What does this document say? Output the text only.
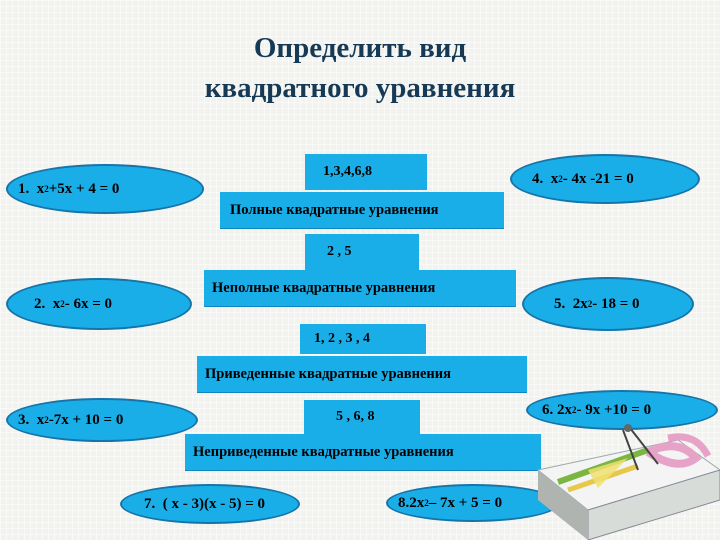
Определить вид
квадратного уравнения
1.
x 2 +5x + 4 = 0
4.
x 2 - 4x -21 = 0
2.
x 2 - 6x = 0	5.
2x 2 - 18 = 0
3.
x 2 -7x + 10 = 0
6.
2x 2 - 9x +10 = 0
7.
( x - 3)(x - 5) = 0	8. 2x 2 – 7x + 5 = 0
1,3,4,6,8
Полные квадратные уравнения
2 , 5
Неполные квадратные уравнения
1, 2 , 3 , 4
Приведенные квадратные уравнения
5 , 6, 8
Неприведенные квадратные уравнения
